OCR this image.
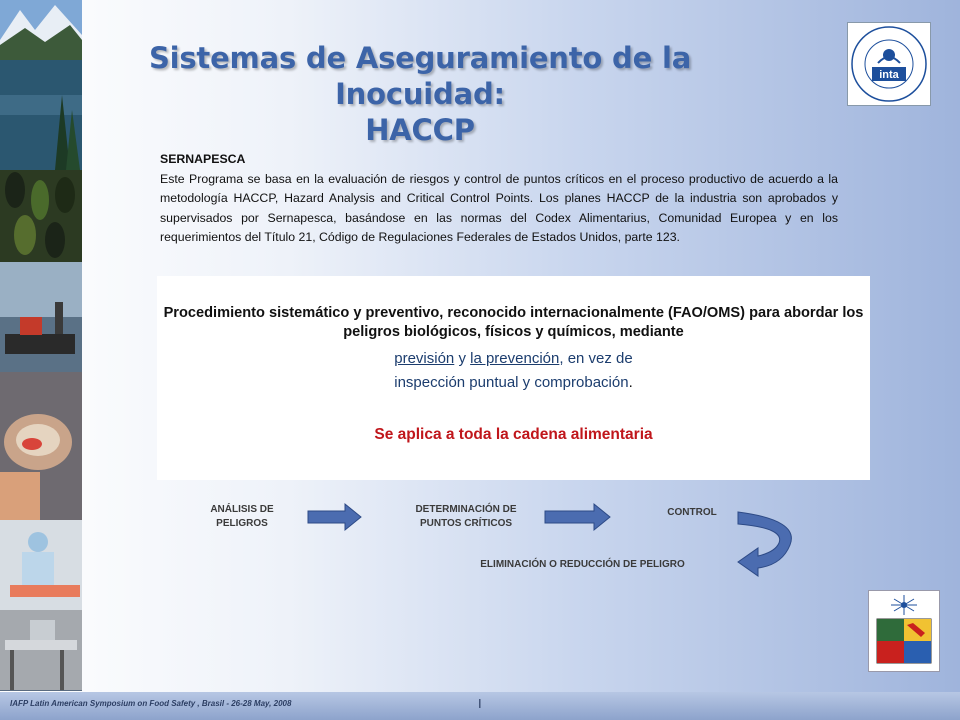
Sistemas de Aseguramiento de la Inocuidad:
HACCP
inta
SERNAPESCA
Este Programa se basa en la evaluación de riesgos y control de puntos críticos en el proceso productivo de acuerdo a la metodología HACCP, Hazard Analysis and Critical Control Points. Los planes HACCP de la industria son aprobados y supervisados por Sernapesca, basándose en las normas del Codex Alimentarius, Comunidad Europea y en los requerimientos del Título 21, Código de Regulaciones Federales de Estados Unidos, parte 123.

Procedimiento sistemático y preventivo, reconocido internacionalmente (FAO/OMS) para abordar los peligros biológicos, físicos y químicos, mediante

previsión y la prevención, en vez de

inspección puntual y comprobación.

Se aplica a toda la cadena alimentaria

ANÁLISIS DE
PELIGROS
DETERMINACIÓN DE
PUNTOS CRÍTICOS
CONTROL
ELIMINACIÓN O REDUCCIÓN DE PELIGRO
IAFP Latin American Symposium on Food Safety , Brasil - 26-28 May, 2008	I
